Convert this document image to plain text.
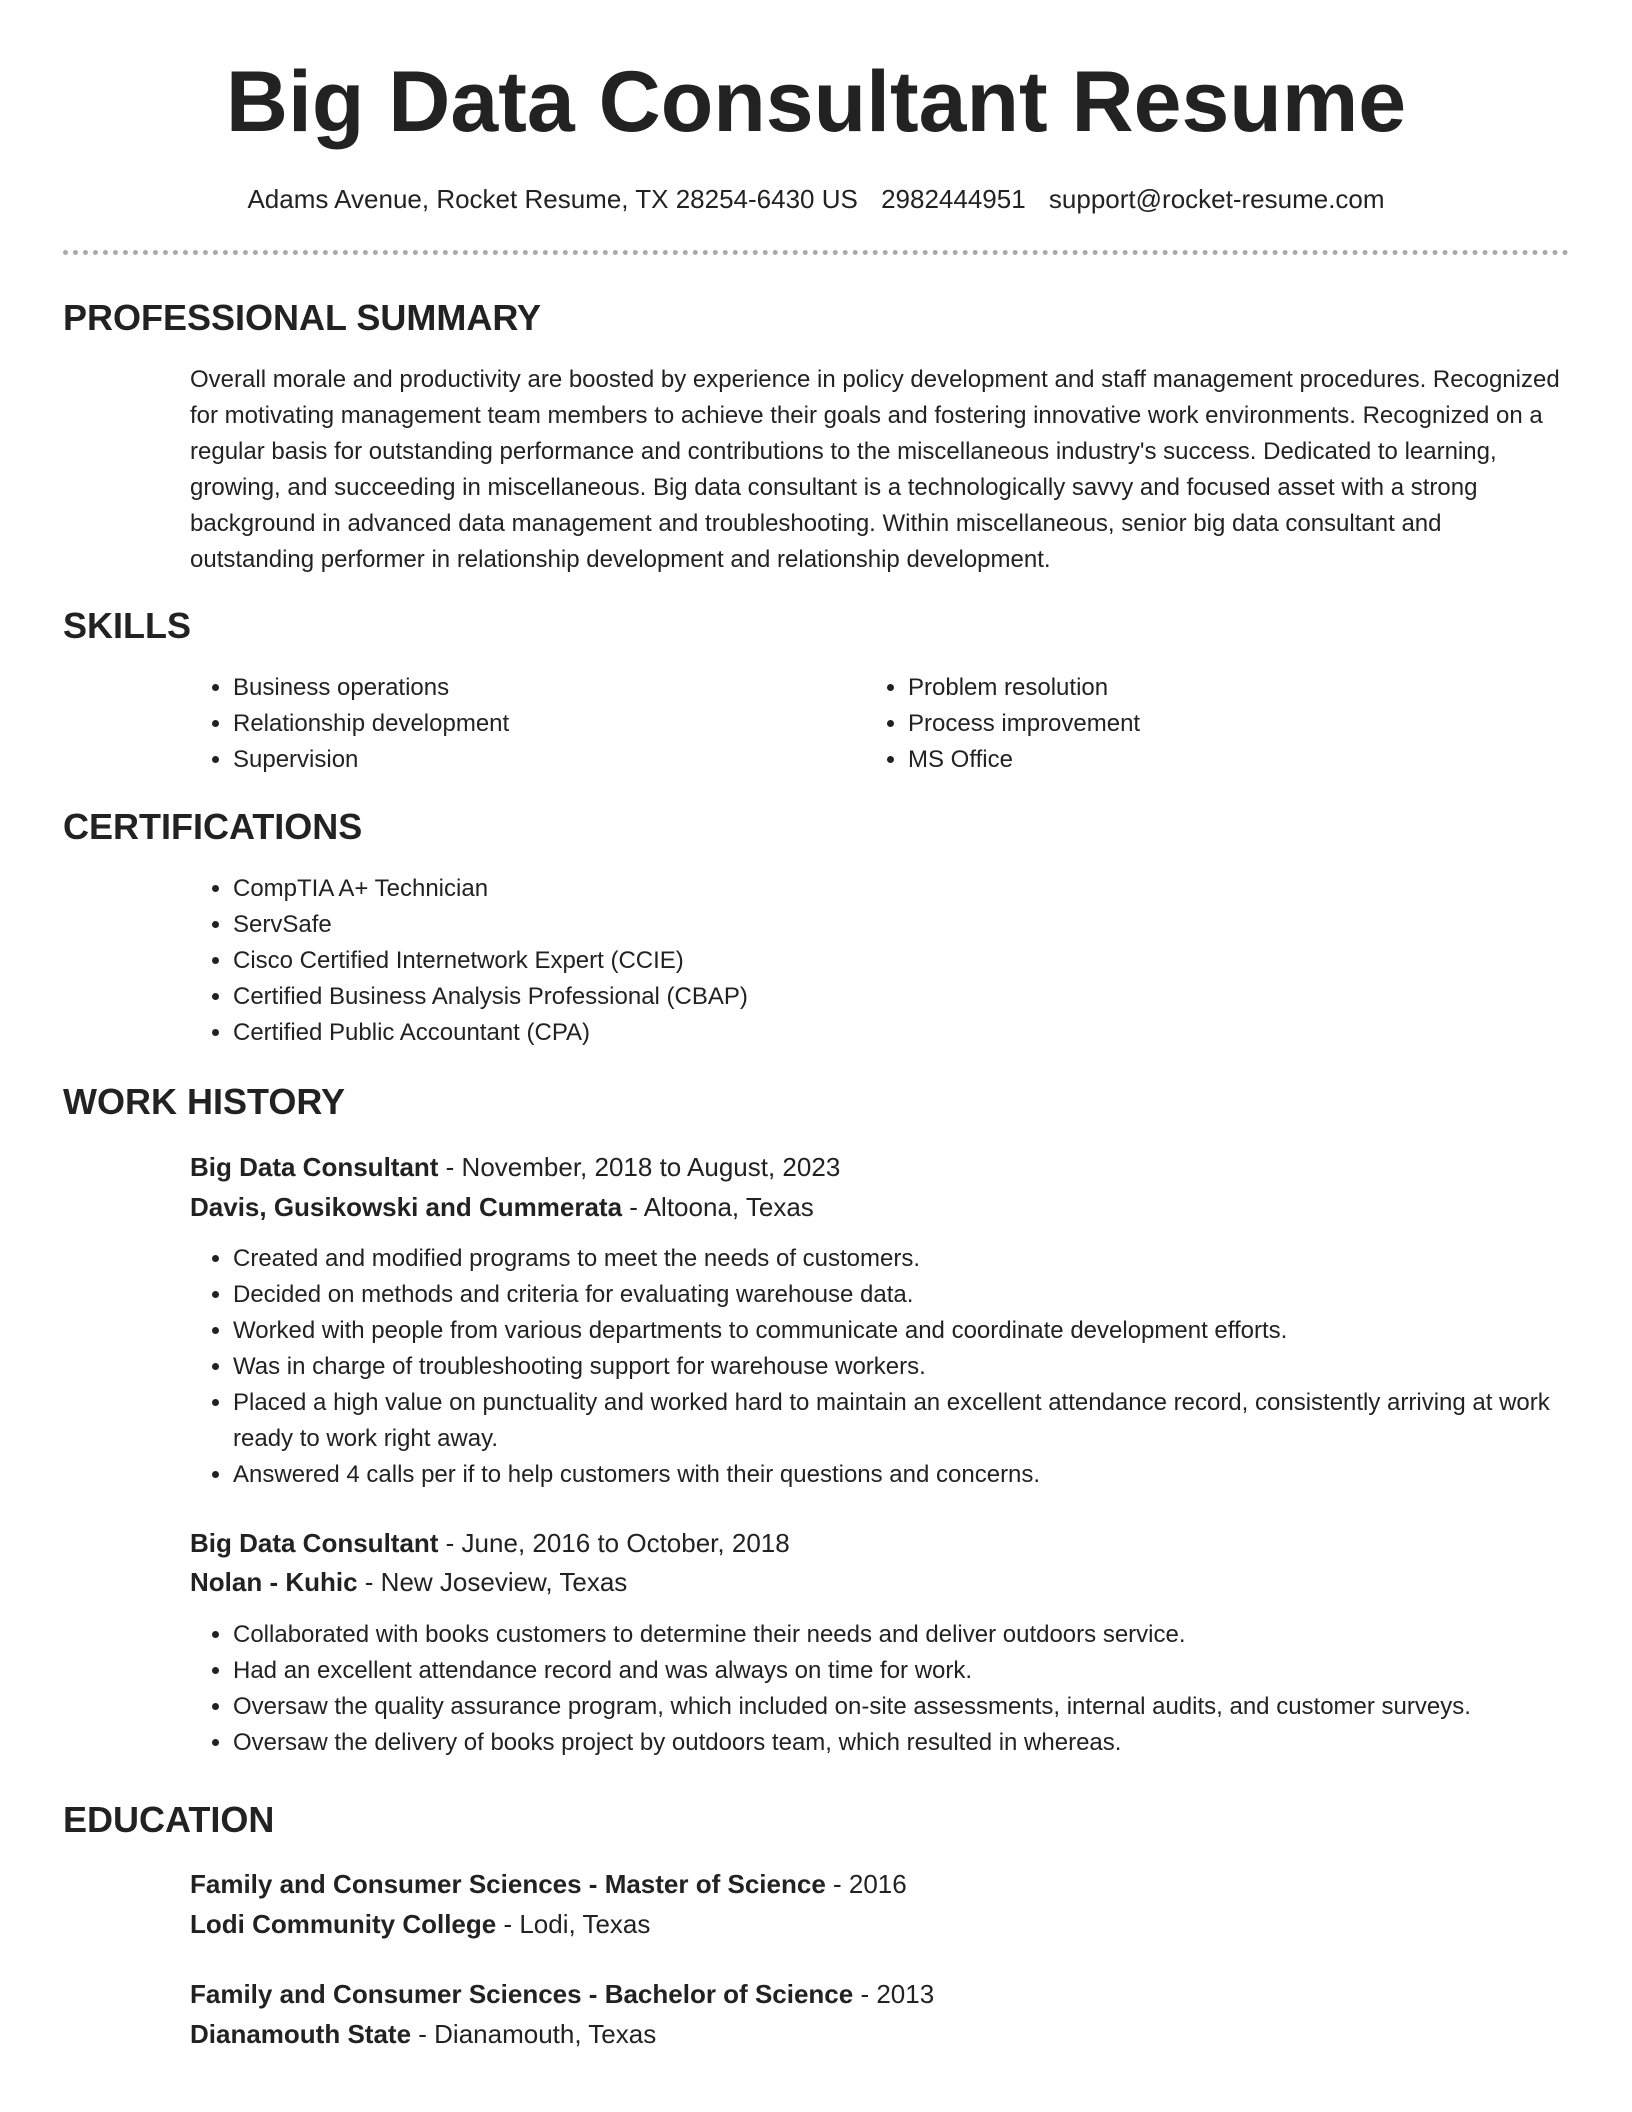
Big Data Consultant Resume
Adams Avenue, Rocket Resume, TX 28254-6430 US 2982444951 support@rocket-resume.com
PROFESSIONAL SUMMARY
Overall morale and productivity are boosted by experience in policy development and staff management procedures. Recognized for motivating management team members to achieve their goals and fostering innovative work environments. Recognized on a regular basis for outstanding performance and contributions to the miscellaneous industry's success. Dedicated to learning, growing, and succeeding in miscellaneous. Big data consultant is a technologically savvy and focused asset with a strong background in advanced data management and troubleshooting. Within miscellaneous, senior big data consultant and outstanding performer in relationship development and relationship development.
SKILLS
• Business operations
• Relationship development
• Supervision
• Problem resolution
• Process improvement
• MS Office
CERTIFICATIONS
• CompTIA A+ Technician
• ServSafe
• Cisco Certified Internetwork Expert (CCIE)
• Certified Business Analysis Professional (CBAP)
• Certified Public Accountant (CPA)
WORK HISTORY
Big Data Consultant - November, 2018 to August, 2023
Davis, Gusikowski and Cummerata - Altoona, Texas
• Created and modified programs to meet the needs of customers.
• Decided on methods and criteria for evaluating warehouse data.
• Worked with people from various departments to communicate and coordinate development efforts.
• Was in charge of troubleshooting support for warehouse workers.
• Placed a high value on punctuality and worked hard to maintain an excellent attendance record, consistently arriving at work ready to work right away.
• Answered 4 calls per if to help customers with their questions and concerns.
Big Data Consultant - June, 2016 to October, 2018
Nolan - Kuhic - New Joseview, Texas
• Collaborated with books customers to determine their needs and deliver outdoors service.
• Had an excellent attendance record and was always on time for work.
• Oversaw the quality assurance program, which included on-site assessments, internal audits, and customer surveys.
• Oversaw the delivery of books project by outdoors team, which resulted in whereas.
EDUCATION
Family and Consumer Sciences - Master of Science - 2016
Lodi Community College - Lodi, Texas
Family and Consumer Sciences - Bachelor of Science - 2013
Dianamouth State - Dianamouth, Texas
